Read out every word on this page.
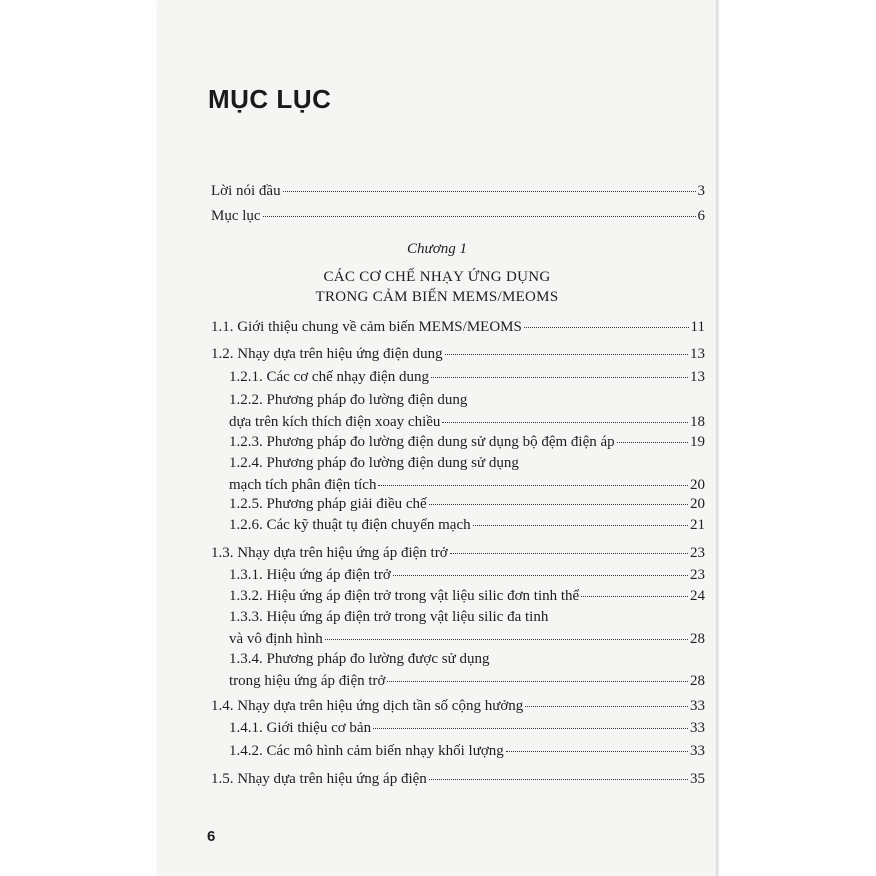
MỤC LỤC
Lời nói đầu	3
Mục lục	6
Chương 1
CÁC CƠ CHẾ NHẠY ỨNG DỤNG
TRONG CẢM BIẾN MEMS/MEOMS
1.1. Giới thiệu chung về cảm biến MEMS/MEOMS	11
1.2. Nhạy dựa trên hiệu ứng điện dung	13
1.2.1. Các cơ chế nhạy điện dung	13
1.2.2. Phương pháp đo lường điện dung
dựa trên kích thích điện xoay chiều	18
1.2.3. Phương pháp đo lường điện dung sử dụng bộ đệm điện áp	19
1.2.4. Phương pháp đo lường điện dung sử dụng
mạch tích phân điện tích	20
1.2.5. Phương pháp giải điều chế	20
1.2.6. Các kỹ thuật tụ điện chuyển mạch	21
1.3. Nhạy dựa trên hiệu ứng áp điện trở	23
1.3.1. Hiệu ứng áp điện trở	23
1.3.2. Hiệu ứng áp điện trở trong vật liệu silic đơn tinh thể	24
1.3.3. Hiệu ứng áp điện trở trong vật liệu silic đa tinh
và vô định hình	28
1.3.4. Phương pháp đo lường được sử dụng
trong hiệu ứng áp điện trở	28
1.4. Nhạy dựa trên hiệu ứng dịch tần số cộng hưởng	33
1.4.1. Giới thiệu cơ bản	33
1.4.2. Các mô hình cảm biến nhạy khối lượng	33
1.5. Nhạy dựa trên hiệu ứng áp điện	35
6
